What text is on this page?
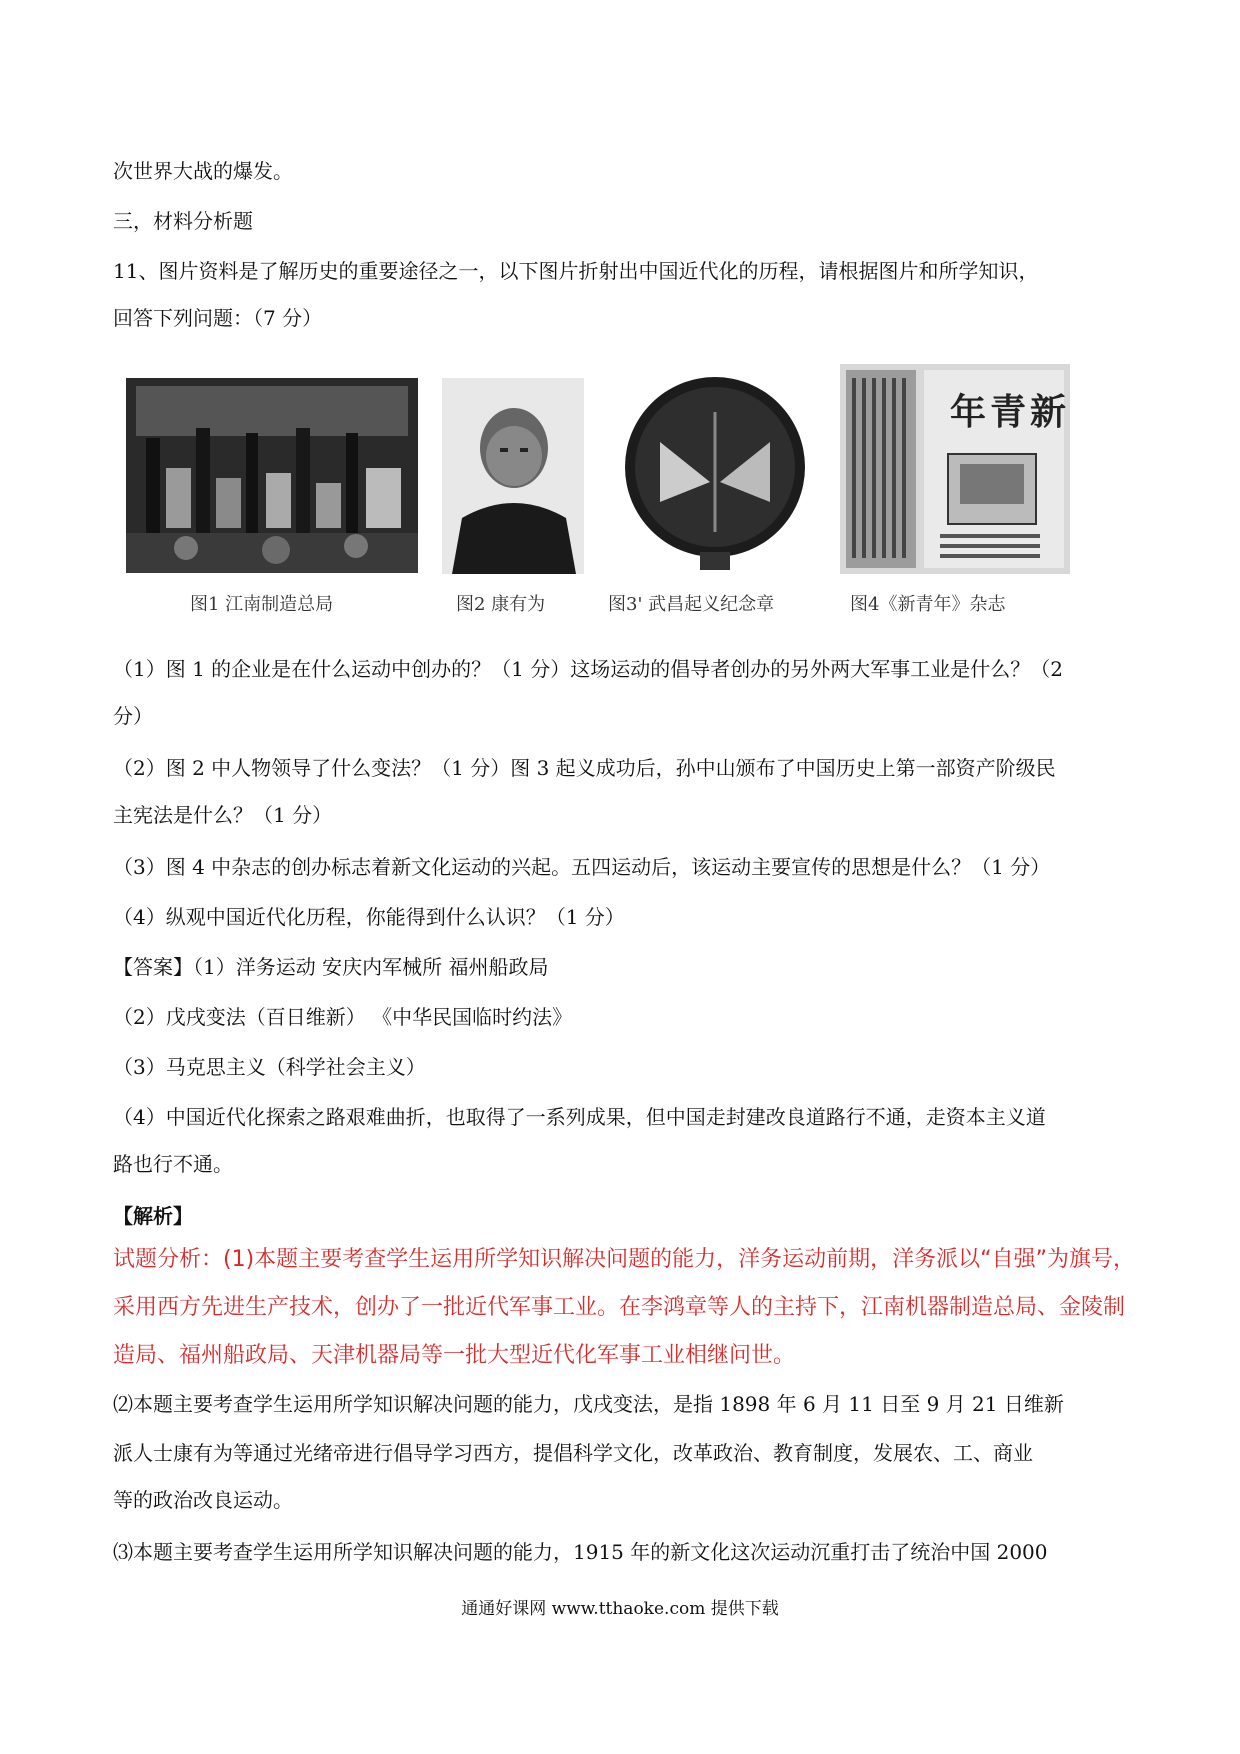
次世界大战的爆发。
三，材料分析题
11、图片资料是了解历史的重要途径之一，以下图片折射出中国近代化的历程，请根据图片和所学知识，
回答下列问题：（7 分）
图1 江南制造总局	图2 康有为	图3' 武昌起义纪念章
年青新
图4《新青年》杂志
（1）图 1 的企业是在什么运动中创办的？（1 分）这场运动的倡导者创办的另外两大军事工业是什么？（2
分）
（2）图 2 中人物领导了什么变法？（1 分）图 3 起义成功后，孙中山颁布了中国历史上第一部资产阶级民
主宪法是什么？（1 分）
（3）图 4 中杂志的创办标志着新文化运动的兴起。五四运动后，该运动主要宣传的思想是什么？（1 分）
（4）纵观中国近代化历程，你能得到什么认识？（1 分）
【答案】（1）洋务运动 安庆内军械所 福州船政局
（2）戊戌变法（百日维新） 《中华民国临时约法》
（3）马克思主义（科学社会主义）
（4）中国近代化探索之路艰难曲折，也取得了一系列成果，但中国走封建改良道路行不通，走资本主义道
路也行不通。
【解析】
试题分析：(1)本题主要考查学生运用所学知识解决问题的能力，洋务运动前期，洋务派以“自强”为旗号，
采用西方先进生产技术，创办了一批近代军事工业。在李鸿章等人的主持下，江南机器制造总局、金陵制
造局、福州船政局、天津机器局等一批大型近代化军事工业相继问世。
⑵本题主要考查学生运用所学知识解决问题的能力，戊戌变法，是指 1898 年 6 月 11 日至 9 月 21 日维新
派人士康有为等通过光绪帝进行倡导学习西方，提倡科学文化，改革政治、教育制度，发展农、工、商业
等的政治改良运动。
⑶本题主要考查学生运用所学知识解决问题的能力，1915 年的新文化这次运动沉重打击了统治中国 2000
通通好课网 www.tthaoke.com 提供下载
